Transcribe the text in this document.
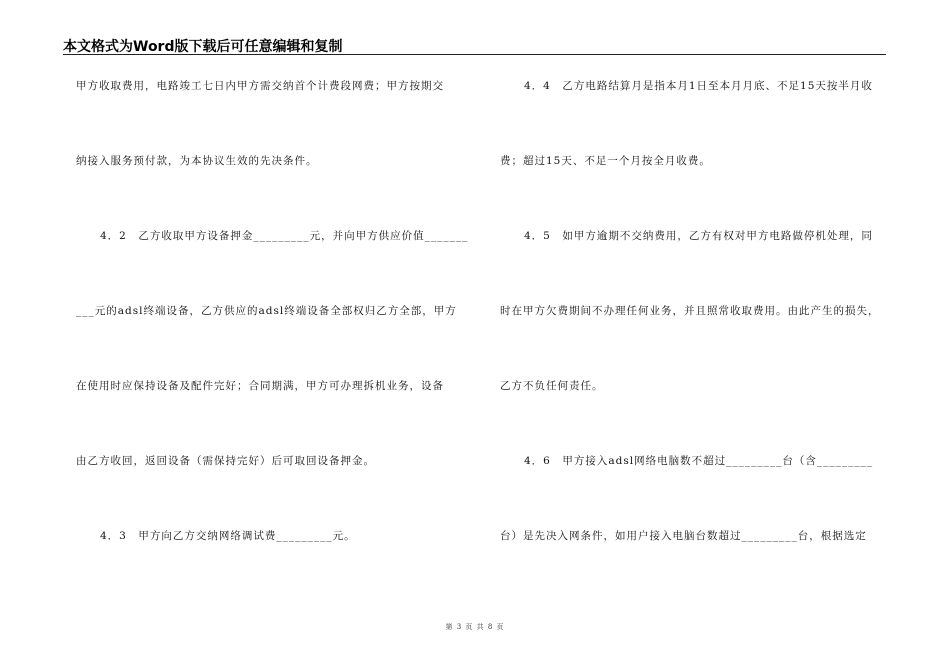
本文格式为Word版下载后可任意编辑和复制
甲方收取费用，电路竣工七日内甲方需交纳首个计费段网费；甲方按期交
纳接入服务预付款，为本协议生效的先决条件。
4．2　乙方收取甲方设备押金_________元，并向甲方供应价值_______
___元的adsl终端设备，乙方供应的adsl终端设备全部权归乙方全部，甲方
在使用时应保持设备及配件完好；合同期满，甲方可办理拆机业务，设备
由乙方收回，返回设备（需保持完好）后可取回设备押金。
4．3　甲方向乙方交纳网络调试费_________元。
4．4　乙方电路结算月是指本月1日至本月月底、不足15天按半月收
费；超过15天、不足一个月按全月收费。
4．5　如甲方逾期不交纳费用，乙方有权对甲方电路做停机处理，同
时在甲方欠费期间不办理任何业务，并且照常收取费用。由此产生的损失，
乙方不负任何责任。
4．6　甲方接入adsl网络电脑数不超过_________台（含_________
台）是先决入网条件，如用户接入电脑台数超过_________台，根据选定
第 3 页 共 8 页
